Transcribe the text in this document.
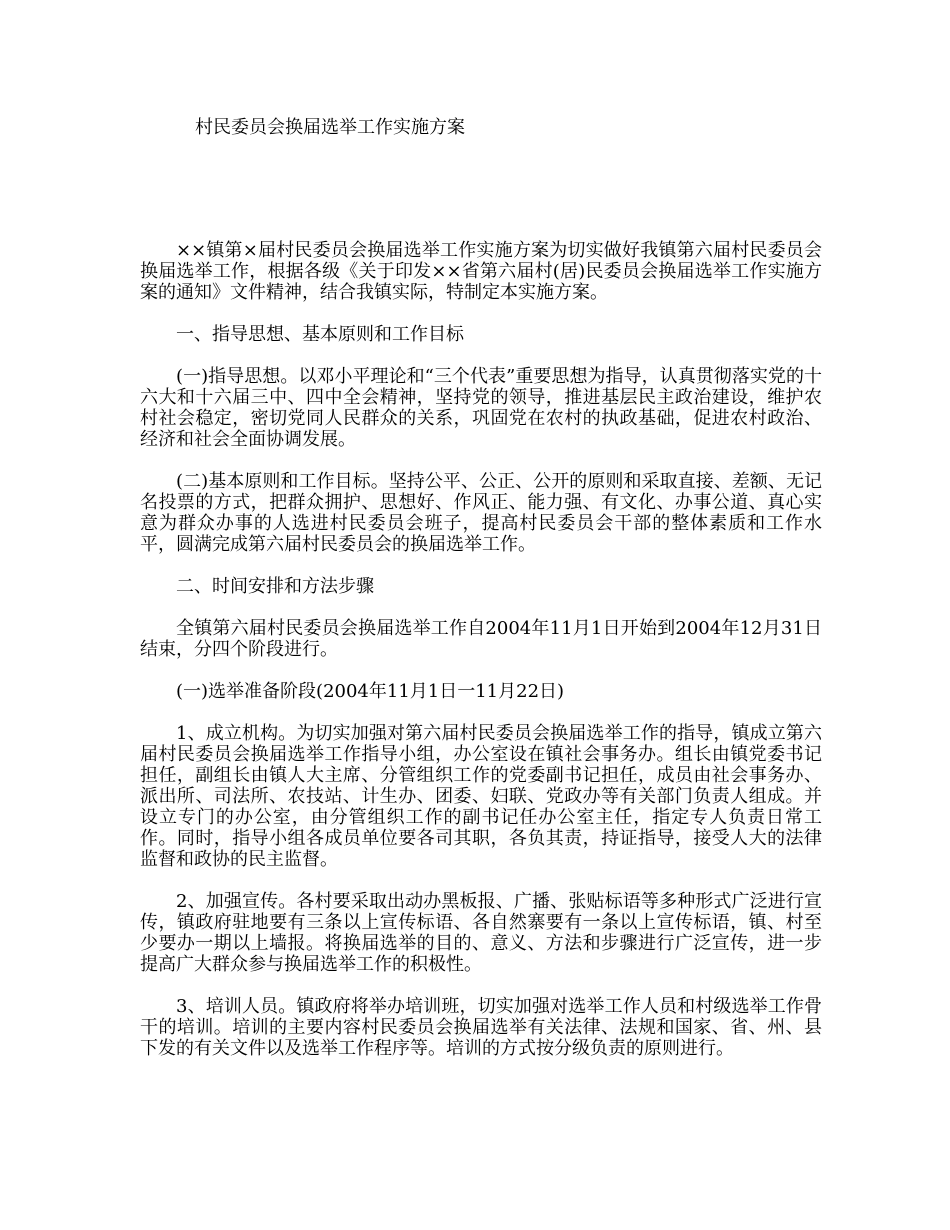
村民委员会换届选举工作实施方案

××镇第×届村民委员会换届选举工作实施方案为切实做好我镇第六届村民委员会换届选举工作，根据各级《关于印发××省第六届村(居)民委员会换届选举工作实施方案的通知》文件精神，结合我镇实际，特制定本实施方案。

一、指导思想、基本原则和工作目标

(一)指导思想。以邓小平理论和“三个代表”重要思想为指导，认真贯彻落实党的十六大和十六届三中、四中全会精神，坚持党的领导，推进基层民主政治建设，维护农村社会稳定，密切党同人民群众的关系，巩固党在农村的执政基础，促进农村政治、经济和社会全面协调发展。

(二)基本原则和工作目标。坚持公平、公正、公开的原则和采取直接、差额、无记名投票的方式，把群众拥护、思想好、作风正、能力强、有文化、办事公道、真心实意为群众办事的人选进村民委员会班子，提高村民委员会干部的整体素质和工作水平，圆满完成第六届村民委员会的换届选举工作。

二、时间安排和方法步骤

全镇第六届村民委员会换届选举工作自2004年11月1日开始到2004年12月31日结束，分四个阶段进行。

(一)选举准备阶段(2004年11月1日一11月22日)

1、成立机构。为切实加强对第六届村民委员会换届选举工作的指导，镇成立第六届村民委员会换届选举工作指导小组，办公室设在镇社会事务办。组长由镇党委书记担任，副组长由镇人大主席、分管组织工作的党委副书记担任，成员由社会事务办、派出所、司法所、农技站、计生办、团委、妇联、党政办等有关部门负责人组成。并设立专门的办公室，由分管组织工作的副书记任办公室主任，指定专人负责日常工作。同时，指导小组各成员单位要各司其职，各负其责，持证指导，接受人大的法律监督和政协的民主监督。

2、加强宣传。各村要采取出动办黑板报、广播、张贴标语等多种形式广泛进行宣传，镇政府驻地要有三条以上宣传标语、各自然寨要有一条以上宣传标语，镇、村至少要办一期以上墙报。将换届选举的目的、意义、方法和步骤进行广泛宣传，进一步提高广大群众参与换届选举工作的积极性。

3、培训人员。镇政府将举办培训班，切实加强对选举工作人员和村级选举工作骨干的培训。培训的主要内容村民委员会换届选举有关法律、法规和国家、省、州、县下发的有关文件以及选举工作程序等。培训的方式按分级负责的原则进行。
